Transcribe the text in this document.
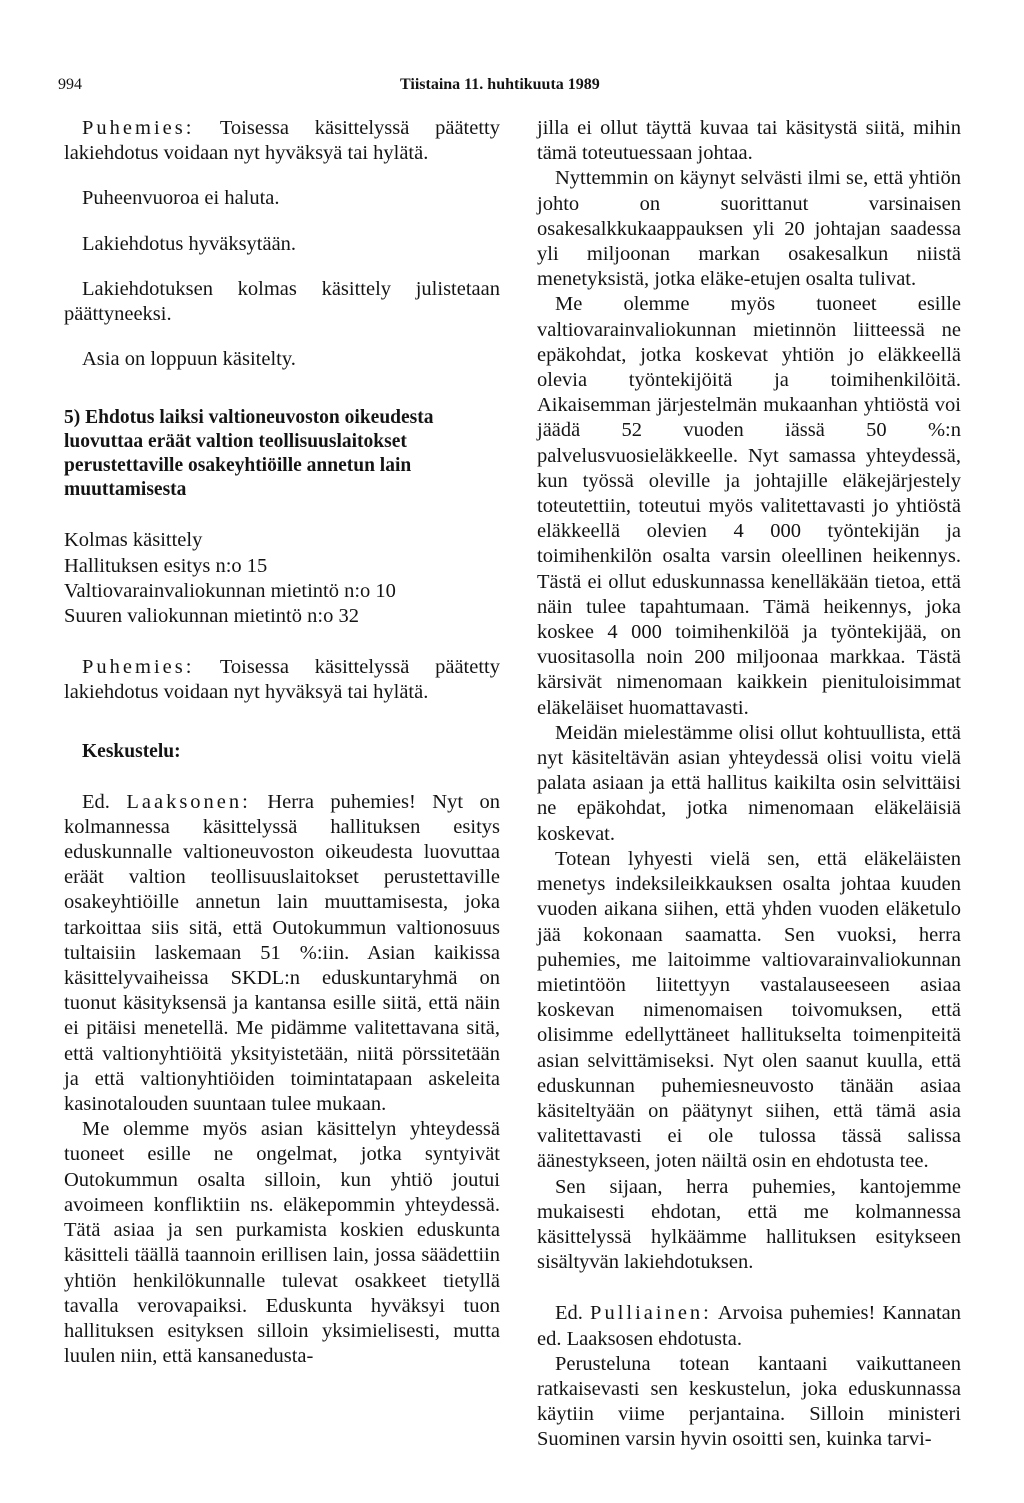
994	Tiistaina 11. huhtikuuta 1989

Puhemies: Toisessa käsittelyssä päätetty lakiehdotus voidaan nyt hyväksyä tai hylätä.

Puheenvuoroa ei haluta.

Lakiehdotus hyväksytään.

Lakiehdotuksen kolmas käsittely julistetaan päättyneeksi.

Asia on loppuun käsitelty.

5) Ehdotus laiksi valtioneuvoston oikeudesta luovuttaa eräät valtion teollisuuslaitokset perustettaville osakeyhtiöille annetun lain muuttamisesta

Kolmas käsittely

Hallituksen esitys n:o 15

Valtiovarainvaliokunnan mietintö n:o 10

Suuren valiokunnan mietintö n:o 32

Puhemies: Toisessa käsittelyssä päätetty lakiehdotus voidaan nyt hyväksyä tai hylätä.

Keskustelu:

Ed. Laaksonen: Herra puhemies! Nyt on kolmannessa käsittelyssä hallituksen esitys eduskunnalle valtioneuvoston oikeudesta luovuttaa eräät valtion teollisuuslaitokset perustettaville osakeyhtiöille annetun lain muuttamisesta, joka tarkoittaa siis sitä, että Outokummun valtionosuus tultaisiin laskemaan 51 %:iin. Asian kaikissa käsittelyvaiheissa SKDL:n eduskuntaryhmä on tuonut käsityksensä ja kantansa esille siitä, että näin ei pitäisi menetellä. Me pidämme valitettavana sitä, että valtionyhtiöitä yksityistetään, niitä pörssitetään ja että valtionyhtiöiden toimintatapaan askeleita kasinotalouden suuntaan tulee mukaan.

Me olemme myös asian käsittelyn yhteydessä tuoneet esille ne ongelmat, jotka syntyivät Outokummun osalta silloin, kun yhtiö joutui avoimeen konfliktiin ns. eläkepommin yhteydessä. Tätä asiaa ja sen purkamista koskien eduskunta käsitteli täällä taannoin erillisen lain, jossa säädettiin yhtiön henkilökunnalle tulevat osakkeet tietyllä tavalla verovapaiksi. Eduskunta hyväksyi tuon hallituksen esityksen silloin yksimielisesti, mutta luulen niin, että kansanedusta-

jilla ei ollut täyttä kuvaa tai käsitystä siitä, mihin tämä toteutuessaan johtaa.

Nyttemmin on käynyt selvästi ilmi se, että yhtiön johto on suorittanut varsinaisen osakesalkkukaappauksen yli 20 johtajan saadessa yli miljoonan markan osakesalkun niistä menetyksistä, jotka eläke-etujen osalta tulivat.

Me olemme myös tuoneet esille valtiovarainvaliokunnan mietinnön liitteessä ne epäkohdat, jotka koskevat yhtiön jo eläkkeellä olevia työntekijöitä ja toimihenkilöitä. Aikaisemman järjestelmän mukaanhan yhtiöstä voi jäädä 52 vuoden iässä 50 %:n palvelusvuosieläkkeelle. Nyt samassa yhteydessä, kun työssä oleville ja johtajille eläkejärjestely toteutettiin, toteutui myös valitettavasti jo yhtiöstä eläkkeellä olevien 4 000 työntekijän ja toimihenkilön osalta varsin oleellinen heikennys. Tästä ei ollut eduskunnassa kenelläkään tietoa, että näin tulee tapahtumaan. Tämä heikennys, joka koskee 4 000 toimihenkilöä ja työntekijää, on vuositasolla noin 200 miljoonaa markkaa. Tästä kärsivät nimenomaan kaikkein pienituloisimmat eläkeläiset huomattavasti.

Meidän mielestämme olisi ollut kohtuullista, että nyt käsiteltävän asian yhteydessä olisi voitu vielä palata asiaan ja että hallitus kaikilta osin selvittäisi ne epäkohdat, jotka nimenomaan eläkeläisiä koskevat.

Totean lyhyesti vielä sen, että eläkeläisten menetys indeksileikkauksen osalta johtaa kuuden vuoden aikana siihen, että yhden vuoden eläketulo jää kokonaan saamatta. Sen vuoksi, herra puhemies, me laitoimme valtiovarainvaliokunnan mietintöön liitettyyn vastalauseeseen asiaa koskevan nimenomaisen toivomuksen, että olisimme edellyttäneet hallitukselta toimenpiteitä asian selvittämiseksi. Nyt olen saanut kuulla, että eduskunnan puhemiesneuvosto tänään asiaa käsiteltyään on päätynyt siihen, että tämä asia valitettavasti ei ole tulossa tässä salissa äänestykseen, joten näiltä osin en ehdotusta tee.

Sen sijaan, herra puhemies, kantojemme mukaisesti ehdotan, että me kolmannessa käsittelyssä hylkäämme hallituksen esitykseen sisältyvän lakiehdotuksen.

Ed. Pulliainen: Arvoisa puhemies! Kannatan ed. Laaksosen ehdotusta.

Perusteluna totean kantaani vaikuttaneen ratkaisevasti sen keskustelun, joka eduskunnassa käytiin viime perjantaina. Silloin ministeri Suominen varsin hyvin osoitti sen, kuinka tarvi-
